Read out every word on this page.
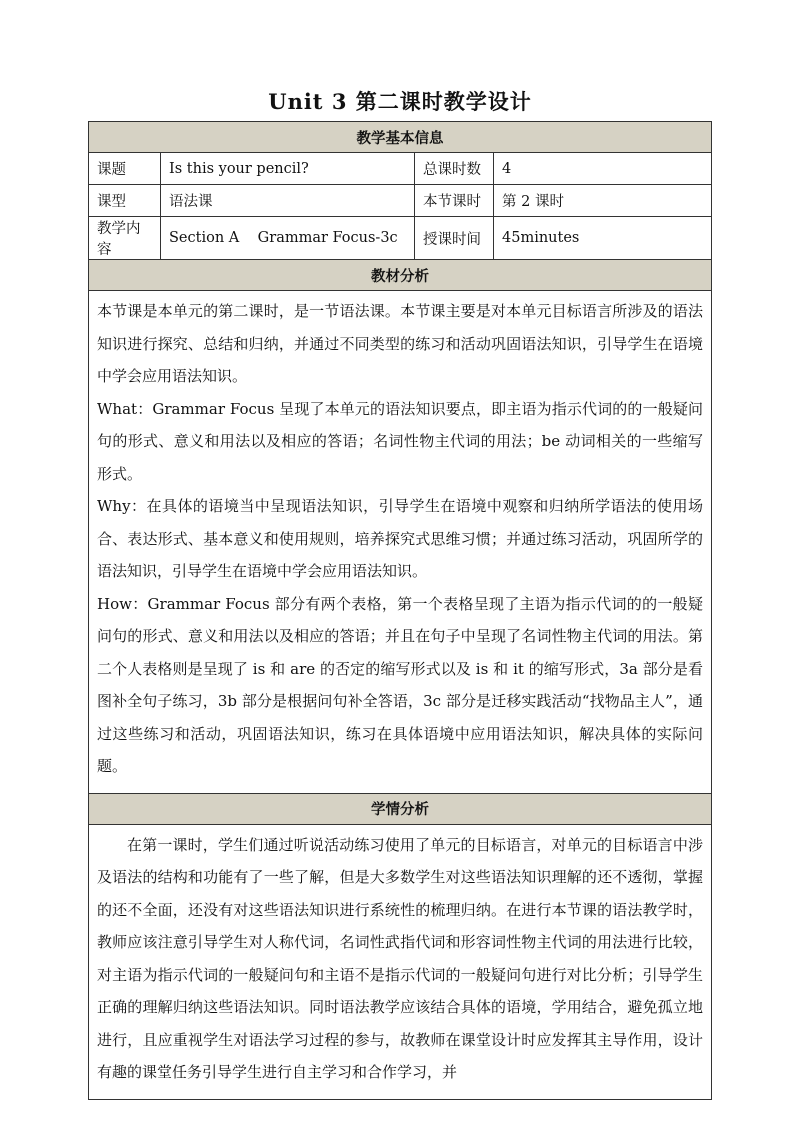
Unit 3 第二课时教学设计
教学基本信息			
课题	Is this your pencil?	总课时数	4
课型	语法课	本节课时	第 2 课时
教学内容	Section A    Grammar Focus-3c	授课时间	45minutes
教材分析			

本节课是本单元的第二课时，是一节语法课。本节课主要是对本单元目标语言所涉及的语法知识进行探究、总结和归纳，并通过不同类型的练习和活动巩固语法知识，引导学生在语境中学会应用语法知识。

What：Grammar Focus 呈现了本单元的语法知识要点，即主语为指示代词的的一般疑问句的形式、意义和用法以及相应的答语；名词性物主代词的用法；be 动词相关的一些缩写形式。

Why：在具体的语境当中呈现语法知识，引导学生在语境中观察和归纳所学语法的使用场合、表达形式、基本意义和使用规则，培养探究式思维习惯；并通过练习活动，巩固所学的语法知识，引导学生在语境中学会应用语法知识。

How：Grammar Focus 部分有两个表格，第一个表格呈现了主语为指示代词的的一般疑问句的形式、意义和用法以及相应的答语；并且在句子中呈现了名词性物主代词的用法。第二个人表格则是呈现了 is 和 are 的否定的缩写形式以及 is 和 it 的缩写形式，3a 部分是看图补全句子练习，3b 部分是根据问句补全答语，3c 部分是迁移实践活动“找物品主人”，通过这些练习和活动，巩固语法知识，练习在具体语境中应用语法知识，解决具体的实际问题。			

学情分析			

在第一课时，学生们通过听说活动练习使用了单元的目标语言，对单元的目标语言中涉及语法的结构和功能有了一些了解，但是大多数学生对这些语法知识理解的还不透彻，掌握的还不全面，还没有对这些语法知识进行系统性的梳理归纳。在进行本节课的语法教学时，教师应该注意引导学生对人称代词，名词性武指代词和形容词性物主代词的用法进行比较，对主语为指示代词的一般疑问句和主语不是指示代词的一般疑问句进行对比分析；引导学生正确的理解归纳这些语法知识。同时语法教学应该结合具体的语境，学用结合，避免孤立地进行，且应重视学生对语法学习过程的参与，故教师在课堂设计时应发挥其主导作用，设计有趣的课堂任务引导学生进行自主学习和合作学习，并			
